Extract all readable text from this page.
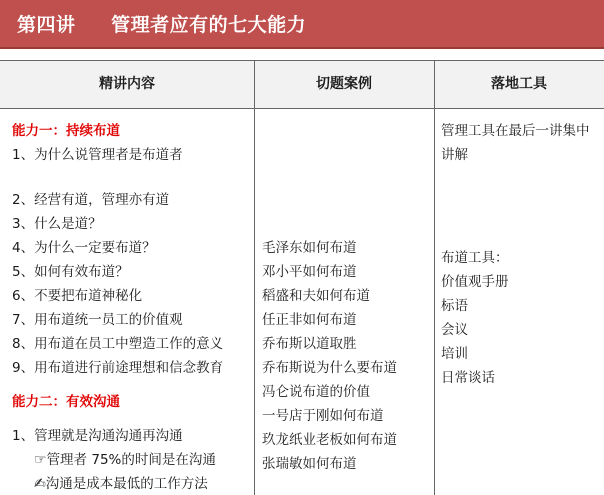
第四讲     管理者应有的七大能力
精讲内容	切题案例	落地工具
能力一：持续布道
1、为什么说管理者是布道者
2、经营有道，管理亦有道
3、什么是道？
4、为什么一定要布道？
5、如何有效布道？
6、不要把布道神秘化
7、用布道统一员工的价值观
8、用布道在员工中塑造工作的意义
9、用布道进行前途理想和信念教育
能力二：有效沟通
1、管理就是沟通沟通再沟通
☞管理者 75%的时间是在沟通
✍沟通是成本最低的工作方法
毛泽东如何布道
邓小平如何布道
稻盛和夫如何布道
任正非如何布道
乔布斯以道取胜
乔布斯说为什么要布道
冯仑说布道的价值
一号店于刚如何布道
玖龙纸业老板如何布道
张瑞敏如何布道
管理工具在最后一讲集中
讲解
布道工具：
价值观手册
标语
会议
培训
日常谈话
